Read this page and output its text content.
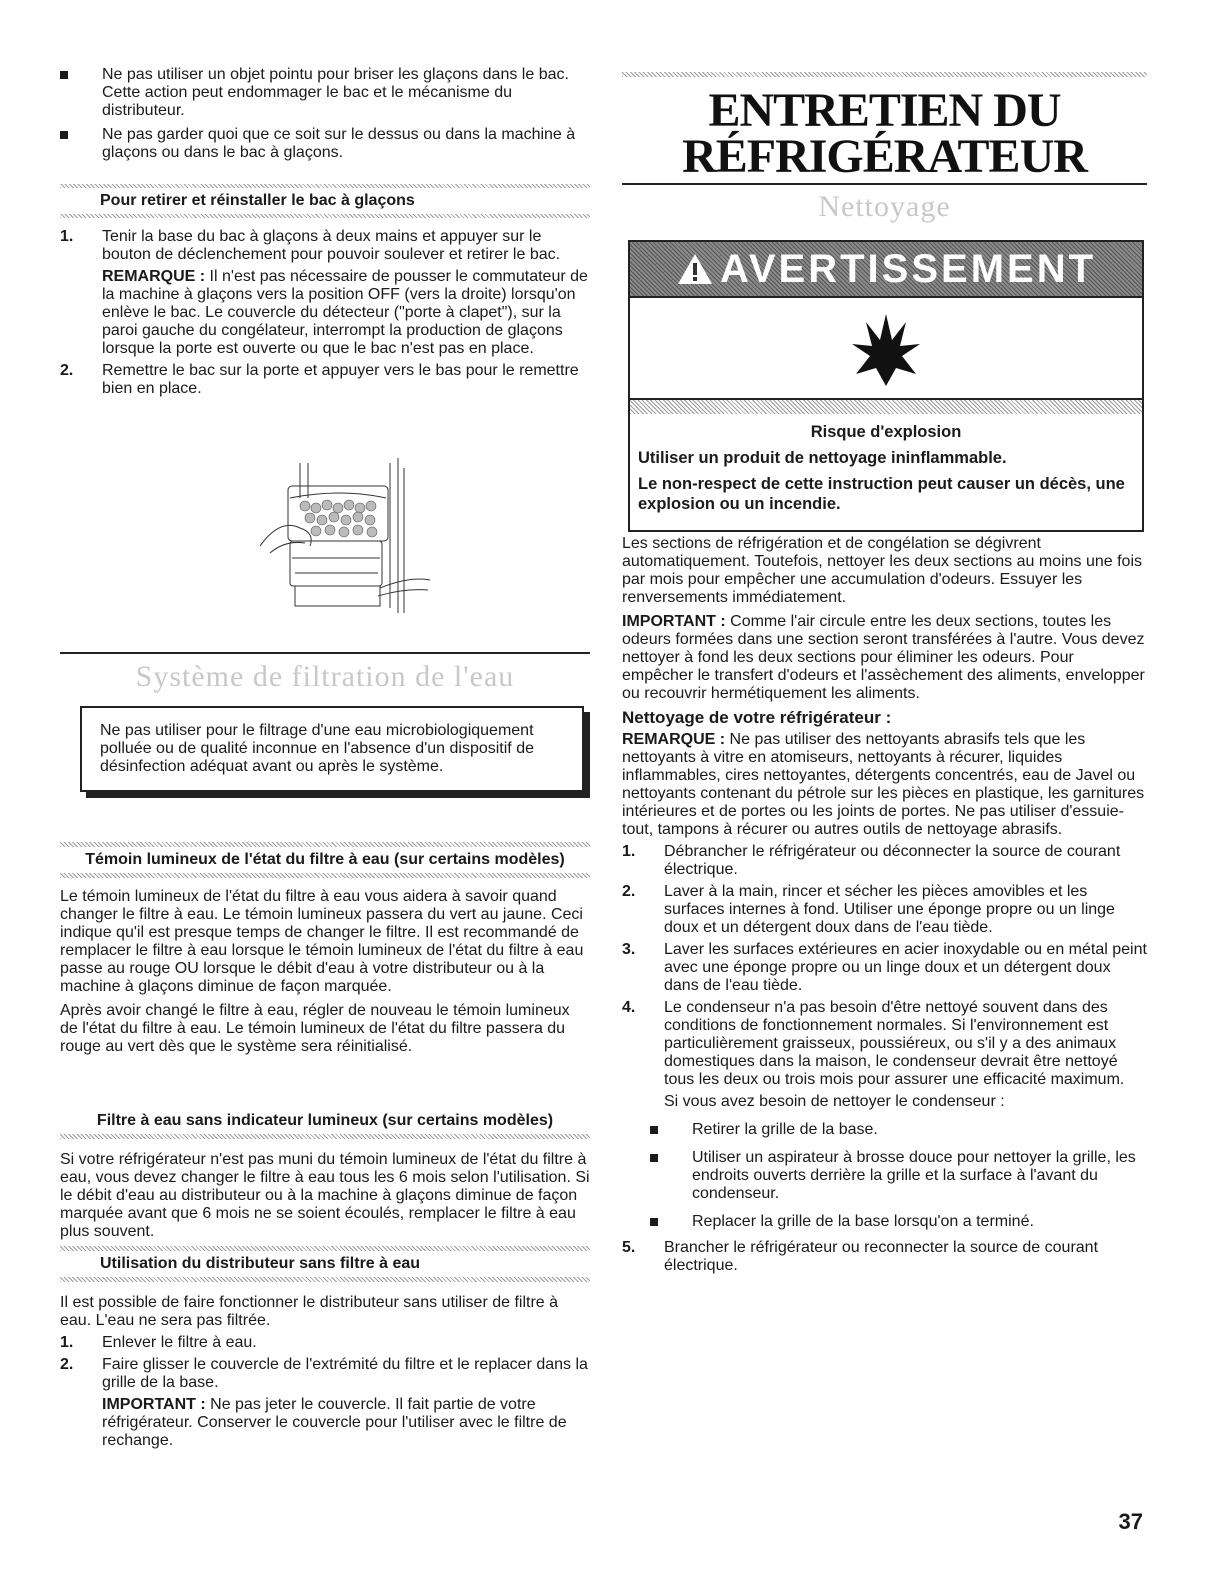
Ne pas utiliser un objet pointu pour briser les glaçons dans le bac. Cette action peut endommager le bac et le mécanisme du distributeur.
Ne pas garder quoi que ce soit sur le dessus ou dans la machine à glaçons ou dans le bac à glaçons.
Pour retirer et réinstaller le bac à glaçons
1. Tenir la base du bac à glaçons à deux mains et appuyer sur le bouton de déclenchement pour pouvoir soulever et retirer le bac.

REMARQUE : Il n'est pas nécessaire de pousser le commutateur de la machine à glaçons vers la position OFF (vers la droite) lorsqu'on enlève le bac. Le couvercle du détecteur ("porte à clapet"), sur la paroi gauche du congélateur, interrompt la production de glaçons lorsque la porte est ouverte ou que le bac n'est pas en place.

2. Remettre le bac sur la porte et appuyer vers le bas pour le remettre bien en place.
Système de filtration de l'eau

Ne pas utiliser pour le filtrage d'une eau microbiologiquement polluée ou de qualité inconnue en l'absence d'un dispositif de désinfection adéquat avant ou après le système.

Témoin lumineux de l'état du filtre à eau (sur certains modèles)

Le témoin lumineux de l'état du filtre à eau vous aidera à savoir quand changer le filtre à eau. Le témoin lumineux passera du vert au jaune. Ceci indique qu'il est presque temps de changer le filtre. Il est recommandé de remplacer le filtre à eau lorsque le témoin lumineux de l'état du filtre à eau passe au rouge OU lorsque le débit d'eau à votre distributeur ou à la machine à glaçons diminue de façon marquée.

Après avoir changé le filtre à eau, régler de nouveau le témoin lumineux de l'état du filtre à eau. Le témoin lumineux de l'état du filtre passera du rouge au vert dès que le système sera réinitialisé.

Filtre à eau sans indicateur lumineux (sur certains modèles)

Si votre réfrigérateur n'est pas muni du témoin lumineux de l'état du filtre à eau, vous devez changer le filtre à eau tous les 6 mois selon l'utilisation. Si le débit d'eau au distributeur ou à la machine à glaçons diminue de façon marquée avant que 6 mois ne se soient écoulés, remplacer le filtre à eau plus souvent.

Utilisation du distributeur sans filtre à eau

Il est possible de faire fonctionner le distributeur sans utiliser de filtre à eau. L'eau ne sera pas filtrée.

1. Enlever le filtre à eau.
2. Faire glisser le couvercle de l'extrémité du filtre et le replacer dans la grille de la base.

IMPORTANT : Ne pas jeter le couvercle. Il fait partie de votre réfrigérateur. Conserver le couvercle pour l'utiliser avec le filtre de rechange.

ENTRETIEN DU
RÉFRIGÉRATEUR
Nettoyage
AVERTISSEMENT

Risque d'explosion

Utiliser un produit de nettoyage ininflammable.

Le non-respect de cette instruction peut causer un décès, une explosion ou un incendie.

Les sections de réfrigération et de congélation se dégivrent automatiquement. Toutefois, nettoyer les deux sections au moins une fois par mois pour empêcher une accumulation d'odeurs. Essuyer les renversements immédiatement.

IMPORTANT : Comme l'air circule entre les deux sections, toutes les odeurs formées dans une section seront transférées à l'autre. Vous devez nettoyer à fond les deux sections pour éliminer les odeurs. Pour empêcher le transfert d'odeurs et l'assèchement des aliments, envelopper ou recouvrir hermétiquement les aliments.

Nettoyage de votre réfrigérateur :

REMARQUE : Ne pas utiliser des nettoyants abrasifs tels que les nettoyants à vitre en atomiseurs, nettoyants à récurer, liquides inflammables, cires nettoyantes, détergents concentrés, eau de Javel ou nettoyants contenant du pétrole sur les pièces en plastique, les garnitures intérieures et de portes ou les joints de portes. Ne pas utiliser d'essuie-tout, tampons à récurer ou autres outils de nettoyage abrasifs.

1. Débrancher le réfrigérateur ou déconnecter la source de courant électrique.
2. Laver à la main, rincer et sécher les pièces amovibles et les surfaces internes à fond. Utiliser une éponge propre ou un linge doux et un détergent doux dans de l'eau tiède.
3. Laver les surfaces extérieures en acier inoxydable ou en métal peint avec une éponge propre ou un linge doux et un détergent doux dans de l'eau tiède.
4. Le condenseur n'a pas besoin d'être nettoyé souvent dans des conditions de fonctionnement normales. Si l'environnement est particulièrement graisseux, poussiéreux, ou s'il y a des animaux domestiques dans la maison, le condenseur devrait être nettoyé tous les deux ou trois mois pour assurer une efficacité maximum.

Si vous avez besoin de nettoyer le condenseur :

Retirer la grille de la base.
Utiliser un aspirateur à brosse douce pour nettoyer la grille, les endroits ouverts derrière la grille et la surface à l'avant du condenseur.
Replacer la grille de la base lorsqu'on a terminé.
5. Brancher le réfrigérateur ou reconnecter la source de courant électrique.
37
